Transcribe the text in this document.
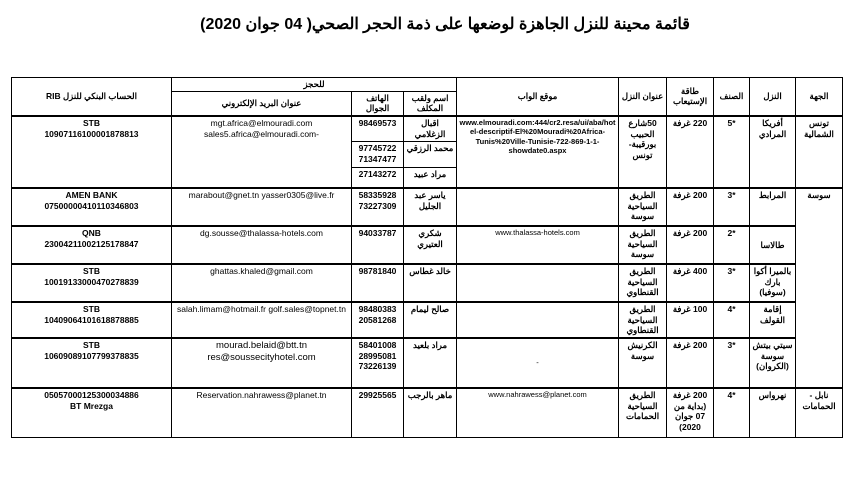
قائمة محينة للنزل الجاهزة لوضعها على ذمة الحجر الصحي( 04 جوان 2020)
الجهة	النزل	الصنف	طاقة الإستيعاب	عنوان النزل	موقع الواب	للحجز			الحساب البنكي للنزل RIB
						اسم ولقب المكلف	الهاتف الجوال	عنوان البريد الإلكتروني	
تونس الشمالية	أفريكا المرادي	*5	220 غرفة	50شارع الحبيب بورقيبة- تونس	www.elmouradi.com:444/cr2.resa/ui/aba/hotel-descriptif-El%20Mouradi%20Africa-Tunis%20Ville-Tunisie-722-869-1-1-showdate0.aspx	اقبال الزغلامي	98469573	mgt.africa@elmouradi.com sales5.africa@elmouradi.com-	STB
10907116100001878813

						محمد الرزقي	97745722 71347477		
						مراد عبيد	27143272		
سوسة	المرابط	*3	200 غرفة	الطريق السياحية سوسة		ياسر عبد الجليل	58335928 73227309	marabout@gnet.tn yasser0305@live.fr	AMEN BANK
07500000410110346803

	طالاسا	*2	200 غرفة	الطريق السياحية سوسة	www.thalassa-hotels.com	شكري العتيري	94033787	dg.sousse@thalassa-hotels.com	QNB
23004211002125178847

	بالميرا أكوا بارك (سوفيا)	*3	400 غرفة	الطريق السياحية القنطاوي		خالد غطاس	98781840	ghattas.khaled@gmail.com	STB
10019133000470278839

	إقامة القولف	*4	100 غرفة	الطريق السياحية القنطاوي		صالح ليمام	98480383 20581268	salah.limam@hotmail.fr golf.sales@topnet.tn	STB
10409064101618878885

	سيتي بيتش سوسة (الكروان)	*3	200 غرفة	الكرنيش سوسة	-	مراد بلعيد	58401008 28995081 73226139	mourad.belaid@btt.tn res@soussecityhotel.com	STB
10609089107799378835

نابل - الحمامات	نهرواس	*4	200 غرفة (بداية من 07 جوان 2020)	الطريق السياحية الحمامات	www.nahrawess@planet.com	ماهر بالرجب	29925565	Reservation.nahrawess@planet.tn	05057000125300034886
BT Mrezga
